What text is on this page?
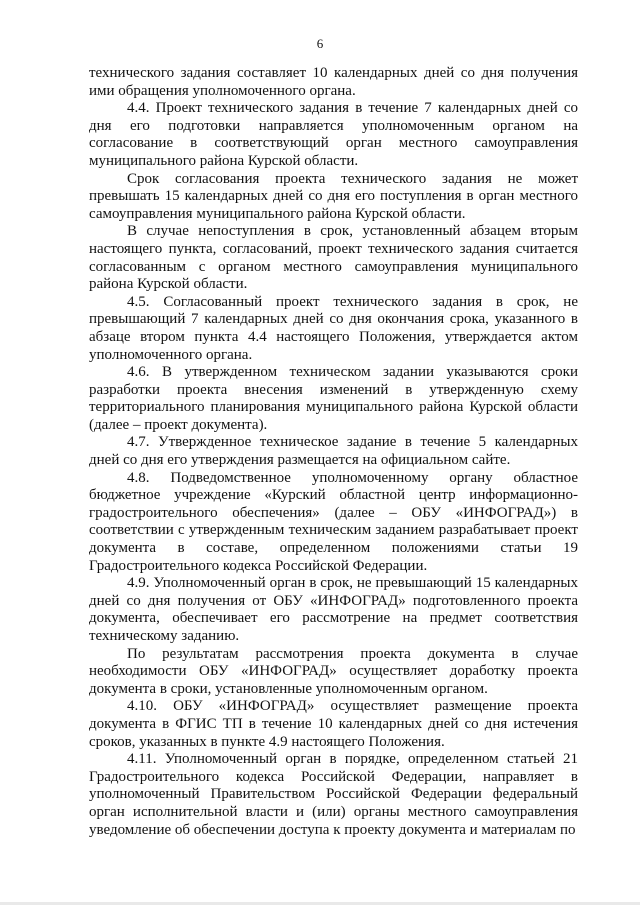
6

технического задания составляет 10 календарных дней со дня получения ими обращения уполномоченного органа.

4.4. Проект технического задания в течение 7 календарных дней со дня его подготовки направляется уполномоченным органом на согласование в соответствующий орган местного самоуправления муниципального района Курской области.

Срок согласования проекта технического задания не может превышать 15 календарных дней со дня его поступления в орган местного самоуправления муниципального района Курской области.

В случае непоступления в срок, установленный абзацем вторым настоящего пункта, согласований, проект технического задания считается согласованным с органом местного самоуправления муниципального района Курской области.

4.5. Согласованный проект технического задания в срок, не превышающий 7 календарных дней со дня окончания срока, указанного в абзаце втором пункта 4.4 настоящего Положения, утверждается актом уполномоченного органа.

4.6. В утвержденном техническом задании указываются сроки разработки проекта внесения изменений в утвержденную схему территориального планирования муниципального района Курской области (далее – проект документа).

4.7. Утвержденное техническое задание в течение 5 календарных дней со дня его утверждения размещается на официальном сайте.

4.8. Подведомственное уполномоченному органу областное бюджетное учреждение «Курский областной центр информационно-градостроительного обеспечения» (далее – ОБУ «ИНФОГРАД») в соответствии с утвержденным техническим заданием разрабатывает проект документа в составе, определенном положениями статьи 19 Градостроительного кодекса Российской Федерации.

4.9. Уполномоченный орган в срок, не превышающий 15 календарных дней со дня получения от ОБУ «ИНФОГРАД» подготовленного проекта документа, обеспечивает его рассмотрение на предмет соответствия техническому заданию.

По результатам рассмотрения проекта документа в случае необходимости ОБУ «ИНФОГРАД» осуществляет доработку проекта документа в сроки, установленные уполномоченным органом.

4.10. ОБУ «ИНФОГРАД» осуществляет размещение проекта документа в ФГИС ТП в течение 10 календарных дней со дня истечения сроков, указанных в пункте 4.9 настоящего Положения.

4.11. Уполномоченный орган в порядке, определенном статьей 21 Градостроительного кодекса Российской Федерации, направляет в уполномоченный Правительством Российской Федерации федеральный орган исполнительной власти и (или) органы местного самоуправления уведомление об обеспечении доступа к проекту документа и материалам по
